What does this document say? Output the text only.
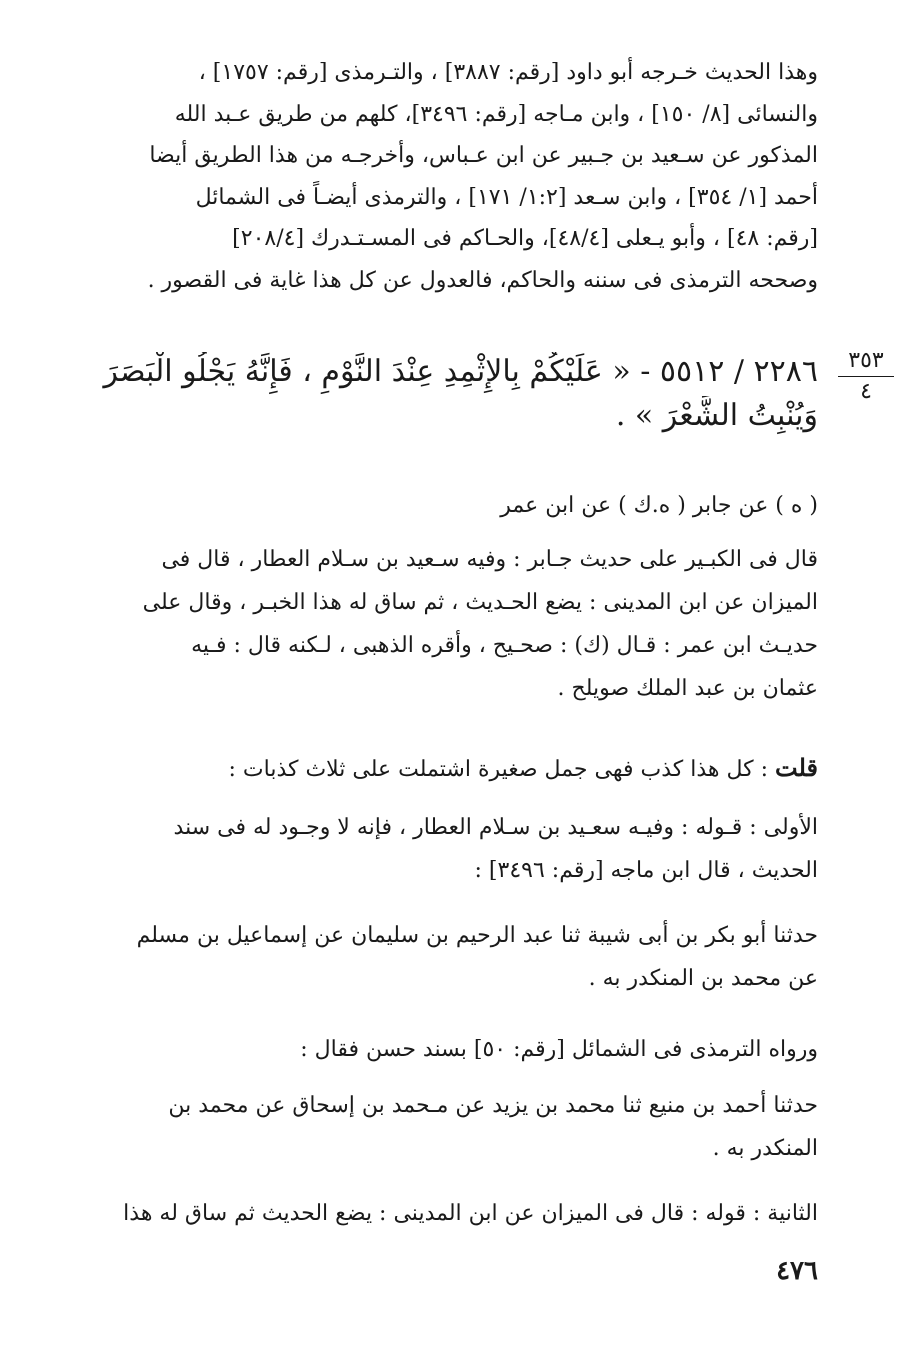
وهذا الحديث خـرجه أبو داود [رقم: ٣٨٨٧] ، والتـرمذى [رقم: ١٧٥٧] ،
والنسائى [٨/ ١٥٠] ، وابن مـاجه [رقم: ٣٤٩٦]، كلهم من طريق عـبد الله
المذكور عن سـعيد بن جـبير عن ابن عـباس، وأخرجـه من هذا الطريق أيضا
أحمد [١/ ٣٥٤] ، وابن سـعد [١:٢/ ١٧١] ، والترمذى أيضـاً فى الشمائل
[رقم: ٤٨] ، وأبو يـعلى [٤٨/٤]، والحـاكم فى المسـتـدرك [٢٠٨/٤]
وصححه الترمذى فى سننه والحاكم، فالعدول عن كل هذا غاية فى القصور .
٣٥٣
٤
٢٢٨٦ / ٥٥١٢ - « عَلَيْكُمْ بِالإِثْمِدِ عِنْدَ النَّوْمِ ، فَإِنَّهُ يَجْلُو الْبَصَرَ
وَيُنْبِتُ الشَّعْرَ » .
( ه ) عن جابر ( ه.ك ) عن ابن عمر
قال فى الكبـير على حديث جـابر : وفيه سـعيد بن سـلام العطار ، قال فى
الميزان عن ابن المدينى : يضع الحـديث ، ثم ساق له هذا الخبـر ، وقال على
حديـث ابن عمر : قـال (ك) : صحـيح ، وأقره الذهبى ، لـكنه قال : فـيه
عثمان بن عبد الملك صويلح .
قلت : كل هذا كذب فهى جمل صغيرة اشتملت على ثلاث كذبات :
الأولى : قـوله : وفيـه سعـيد بن سـلام العطار ، فإنه لا وجـود له فى سند
الحديث ، قال ابن ماجه [رقم: ٣٤٩٦] :
حدثنا أبو بكر بن أبى شيبة ثنا عبد الرحيم بن سليمان عن إسماعيل بن مسلم
عن محمد بن المنكدر به .
ورواه الترمذى فى الشمائل [رقم: ٥٠] بسند حسن فقال :
حدثنا أحمد بن منيع ثنا محمد بن يزيد عن مـحمد بن إسحاق عن محمد بن
المنكدر به .
الثانية : قوله : قال فى الميزان عن ابن المدينى : يضع الحديث ثم ساق له هذا
٤٧٦
